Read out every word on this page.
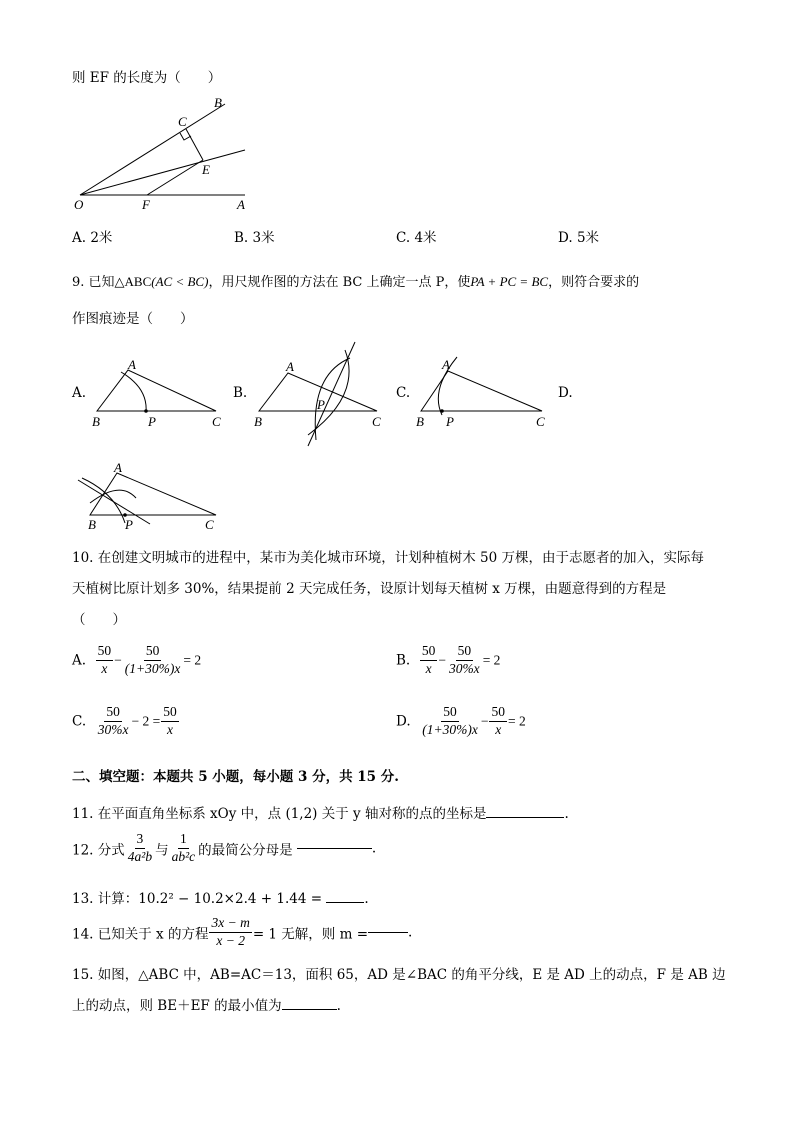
则 EF 的长度为（　　）
B
C
E
O	F	A
A. 2米	B. 3米	C. 4米	D. 5米
9. 已知△ABC(AC < BC)，用尺规作图的方法在 BC 上确定一点 P，使PA + PC = BC，则符合要求的
作图痕迹是（　　）
A.
A
B	P	C
B.
A
B
P
C
C.
A
B P	C
D.
A
B P	C
10. 在创建文明城市的进程中，某市为美化城市环境，计划种植树木 50 万棵，由于志愿者的加入，实际每
天植树比原计划多 30%，结果提前 2 天完成任务，设原计划每天植树 x 万棵，由题意得到的方程是
（　　）
A. $\frac{50}{x} - \frac{50}{(1+30\%)x} = 2$	B. $\frac{50}{x} - \frac{50}{30\%x} = 2$
C. $\frac{50}{30\%x} - 2 = \frac{50}{x}$	D. $\frac{50}{(1+30\%)x} - \frac{50}{x} = 2$
二、填空题：本题共 5 小题，每小题 3 分，共 15 分.
11. 在平面直角坐标系 xOy 中，点 (1,2) 关于 y 轴对称的点的坐标是	.
12. 分式 $\frac{3}{\text{4a²b}}$ 与 $\frac{1}{\text{ab²c}}$ 的最简公分母是	.
13. 计算：10.2² − 10.2×2.4 + 1.44 =	.
14. 已知关于 x 的方程 $\frac{3x - m}{x - 2} = 1$ 无解，则 m =	.
15. 如图，△ABC 中，AB=AC＝13，面积 65，AD 是∠BAC 的角平分线，E 是 AD 上的动点，F 是 AB 边
上的动点，则 BE＋EF 的最小值为	.
